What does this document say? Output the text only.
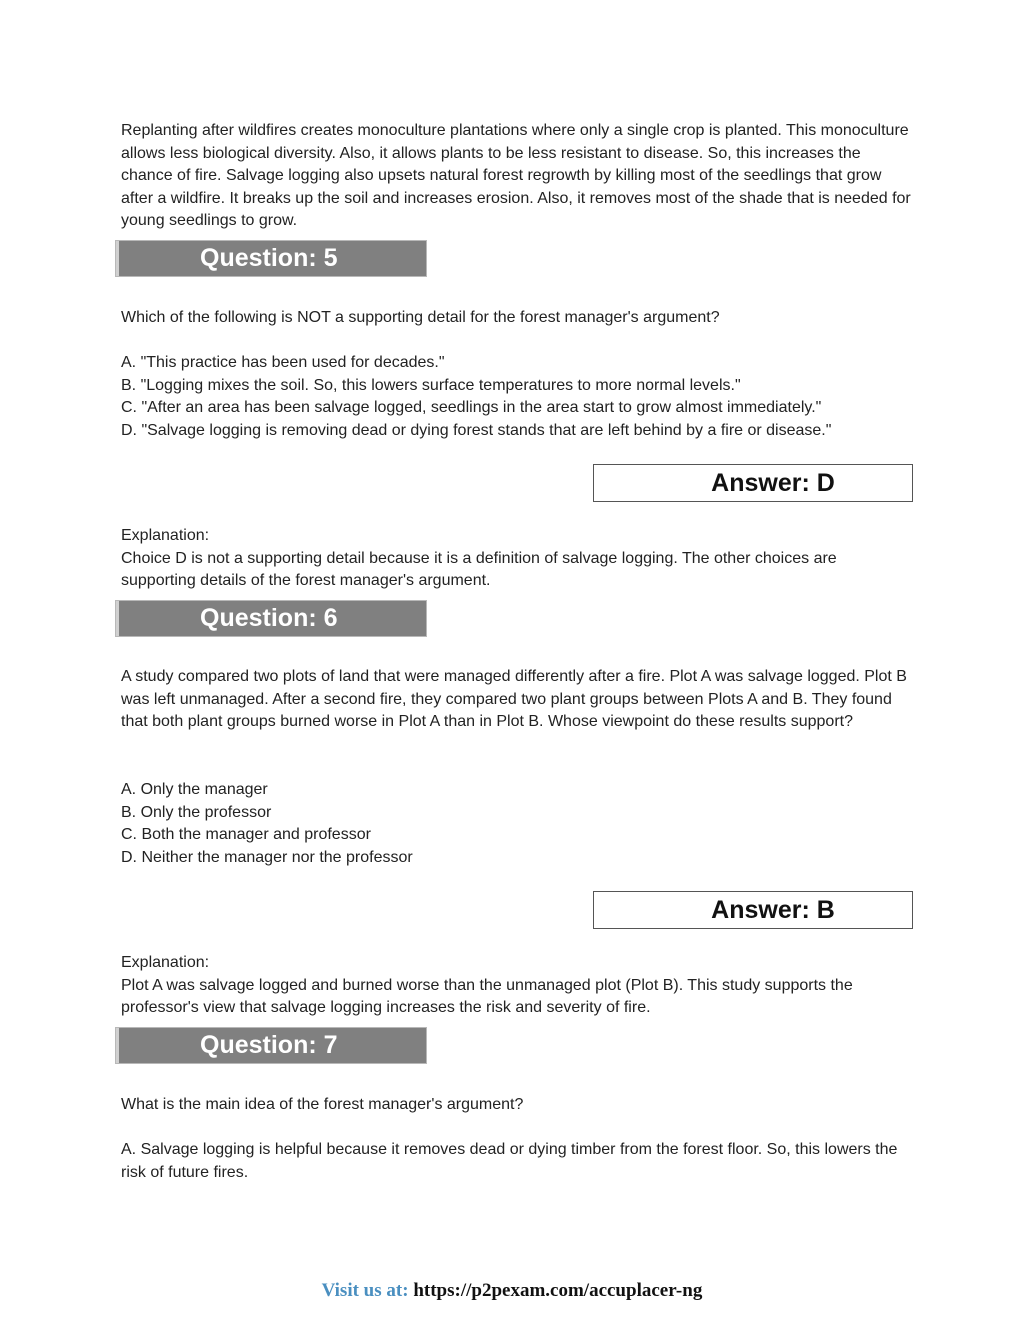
Replanting after wildfires creates monoculture plantations where only a single crop is planted. This monoculture allows less biological diversity. Also, it allows plants to be less resistant to disease. So, this increases the chance of fire. Salvage logging also upsets natural forest regrowth by killing most of the seedlings that grow after a wildfire. It breaks up the soil and increases erosion. Also, it removes most of the shade that is needed for young seedlings to grow.

Question: 5

Which of the following is NOT a supporting detail for the forest manager's argument?

A. "This practice has been used for decades."

B. "Logging mixes the soil. So, this lowers surface temperatures to more normal levels."

C. "After an area has been salvage logged, seedlings in the area start to grow almost immediately."

D. "Salvage logging is removing dead or dying forest stands that are left behind by a fire or disease."

Answer: D

Explanation:

Choice D is not a supporting detail because it is a definition of salvage logging. The other choices are supporting details of the forest manager's argument.

Question: 6

A study compared two plots of land that were managed differently after a fire. Plot A was salvage logged. Plot B was left unmanaged. After a second fire, they compared two plant groups between Plots A and B. They found that both plant groups burned worse in Plot A than in Plot B. Whose viewpoint do these results support?

A. Only the manager

B. Only the professor

C. Both the manager and professor

D. Neither the manager nor the professor

Answer: B

Explanation:

Plot A was salvage logged and burned worse than the unmanaged plot (Plot B). This study supports the professor's view that salvage logging increases the risk and severity of fire.

Question: 7

What is the main idea of the forest manager's argument?

A. Salvage logging is helpful because it removes dead or dying timber from the forest floor. So, this lowers the risk of future fires.

Visit us at: https://p2pexam.com/accuplacer-ng
